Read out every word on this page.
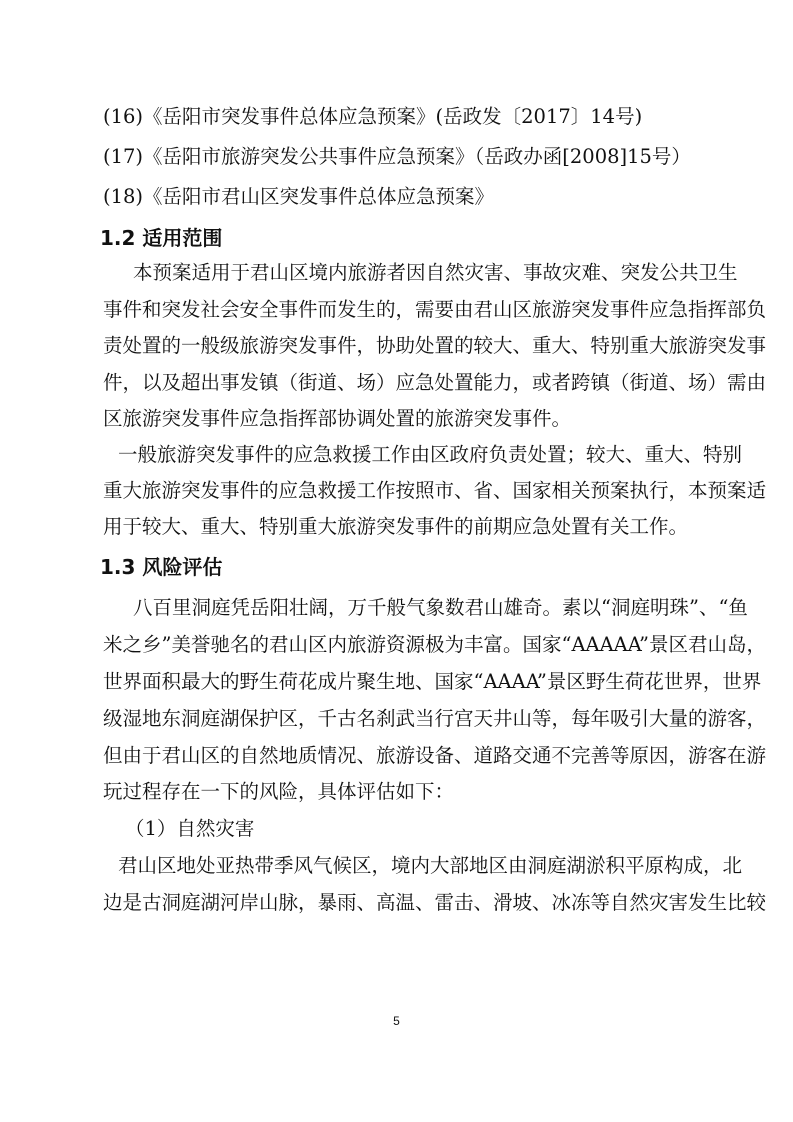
(16)《岳阳市突发事件总体应急预案》(岳政发〔2017〕14号)
(17)《岳阳市旅游突发公共事件应急预案》（岳政办函[2008]15号）
(18)《岳阳市君山区突发事件总体应急预案》
1.2 适用范围
本预案适用于君山区境内旅游者因自然灾害、事故灾难、突发公共卫生
事件和突发社会安全事件而发生的，需要由君山区旅游突发事件应急指挥部负
责处置的一般级旅游突发事件，协助处置的较大、重大、特别重大旅游突发事
件，以及超出事发镇（街道、场）应急处置能力，或者跨镇（街道、场）需由
区旅游突发事件应急指挥部协调处置的旅游突发事件。
一般旅游突发事件的应急救援工作由区政府负责处置；较大、重大、特别
重大旅游突发事件的应急救援工作按照市、省、国家相关预案执行，本预案适
用于较大、重大、特别重大旅游突发事件的前期应急处置有关工作。
1.3 风险评估
八百里洞庭凭岳阳壮阔，万千般气象数君山雄奇。素以“洞庭明珠”、“鱼
米之乡”美誉驰名的君山区内旅游资源极为丰富。国家“AAAAA”景区君山岛，
世界面积最大的野生荷花成片聚生地、国家“AAAA”景区野生荷花世界，世界
级湿地东洞庭湖保护区，千古名刹武当行宫天井山等，每年吸引大量的游客，
但由于君山区的自然地质情况、旅游设备、道路交通不完善等原因，游客在游
玩过程存在一下的风险，具体评估如下：
（1）自然灾害
君山区地处亚热带季风气候区，境内大部地区由洞庭湖淤积平原构成，北
边是古洞庭湖河岸山脉，暴雨、高温、雷击、滑坡、冰冻等自然灾害发生比较
5
